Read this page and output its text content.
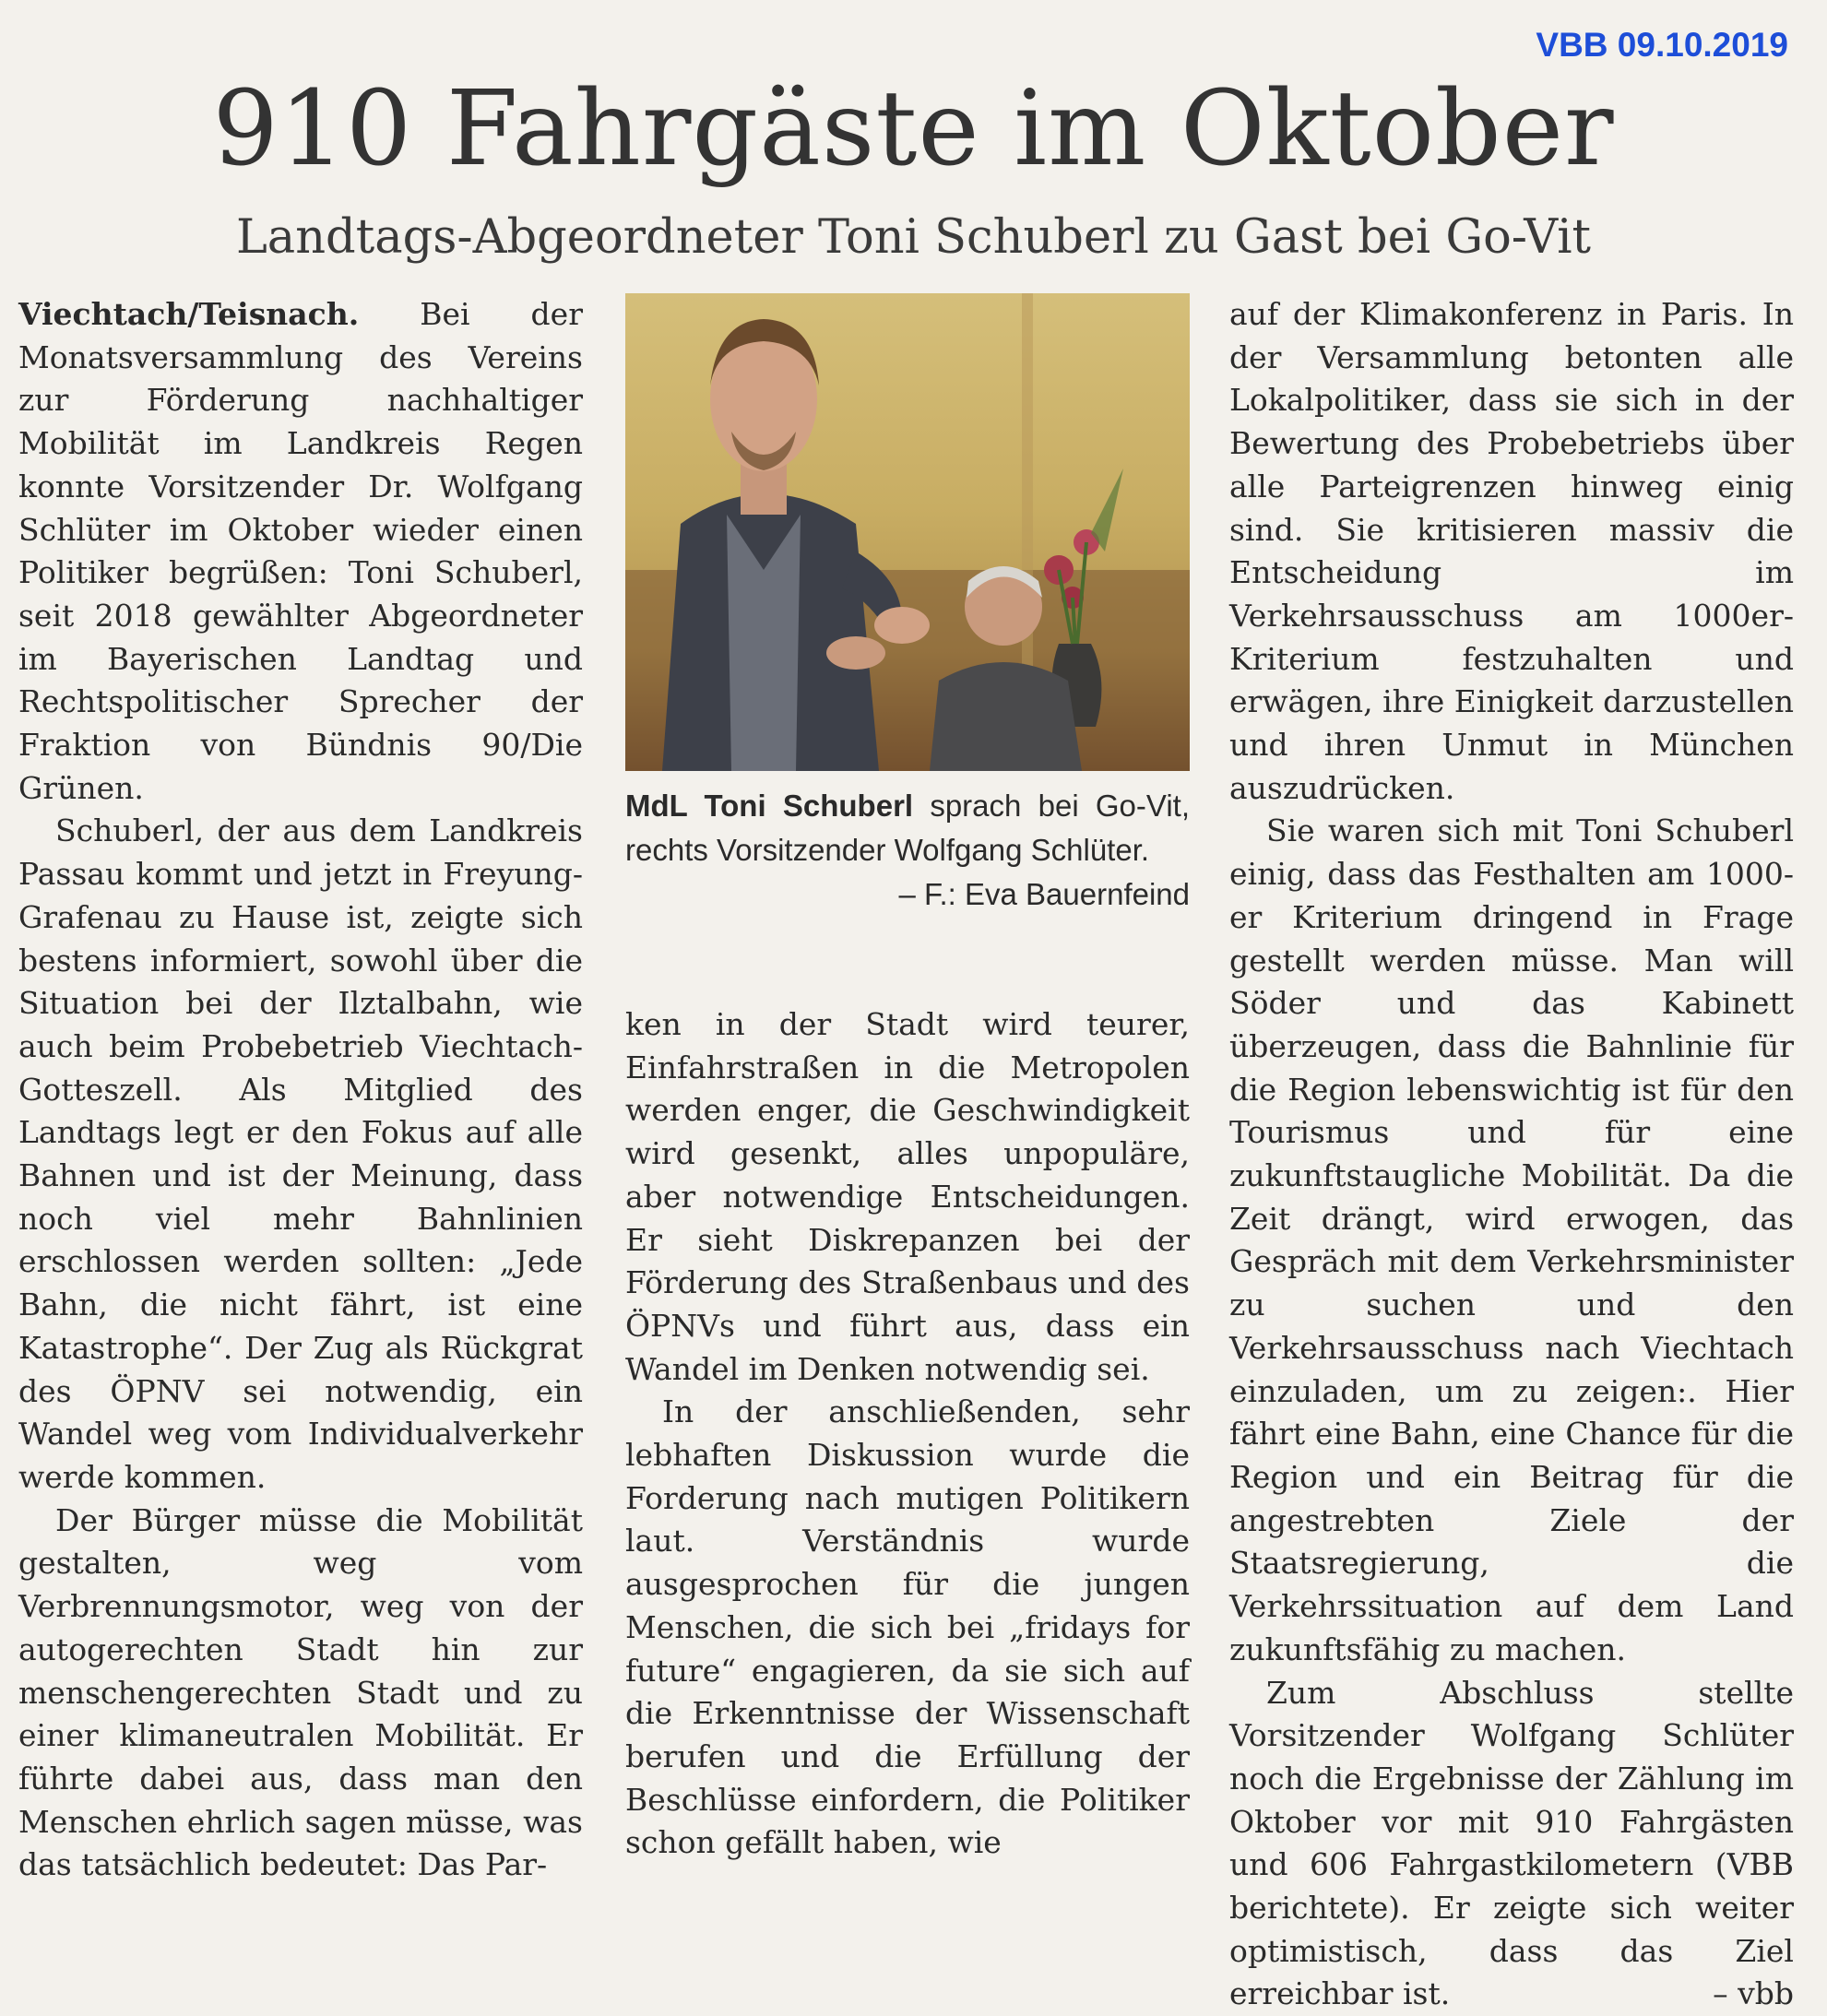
VBB 09.10.2019
910 Fahrgäste im Oktober
Landtags-Abgeordneter Toni Schuberl zu Gast bei Go-Vit

Viechtach/Teisnach. Bei der Monatsversammlung des Vereins zur Förderung nachhaltiger Mobilität im Landkreis Regen konnte Vorsitzender Dr. Wolfgang Schlüter im Oktober wieder einen Politiker begrüßen: Toni Schuberl, seit 2018 gewählter Abgeordneter im Bayerischen Landtag und Rechtspolitischer Sprecher der Fraktion von Bündnis 90/Die Grünen.

Schuberl, der aus dem Landkreis Passau kommt und jetzt in Freyung-Grafenau zu Hause ist, zeigte sich bestens informiert, sowohl über die Situation bei der Ilztalbahn, wie auch beim Probebetrieb Viechtach-Gotteszell. Als Mitglied des Landtags legt er den Fokus auf alle Bahnen und ist der Meinung, dass noch viel mehr Bahnlinien erschlossen werden sollten: „Jede Bahn, die nicht fährt, ist eine Katastrophe“. Der Zug als Rückgrat des ÖPNV sei notwendig, ein Wandel weg vom Individualverkehr werde kommen.

Der Bürger müsse die Mobilität gestalten, weg vom Verbrennungsmotor, weg von der autogerechten Stadt hin zur menschengerechten Stadt und zu einer klimaneutralen Mobilität. Er führte dabei aus, dass man den Menschen ehrlich sagen müsse, was das tatsächlich bedeutet: Das Par-

MdL Toni Schuberl sprach bei Go-Vit, rechts Vorsitzender Wolfgang Schlüter.
– F.: Eva Bauernfeind

ken in der Stadt wird teurer, Einfahrstraßen in die Metropolen werden enger, die Geschwindigkeit wird gesenkt, alles unpopuläre, aber notwendige Entscheidungen. Er sieht Diskrepanzen bei der Förderung des Straßenbaus und des ÖPNVs und führt aus, dass ein Wandel im Denken notwendig sei.

In der anschließenden, sehr lebhaften Diskussion wurde die Forderung nach mutigen Politikern laut. Verständnis wurde ausgesprochen für die jungen Menschen, die sich bei „fridays for future“ engagieren, da sie sich auf die Erkenntnisse der Wissenschaft berufen und die Erfüllung der Beschlüsse einfordern, die Politiker schon gefällt haben, wie

auf der Klimakonferenz in Paris. In der Versammlung betonten alle Lokalpolitiker, dass sie sich in der Bewertung des Probebetriebs über alle Parteigrenzen hinweg einig sind. Sie kritisieren massiv die Entscheidung im Verkehrsausschuss am 1000er-Kriterium festzuhalten und erwägen, ihre Einigkeit darzustellen und ihren Unmut in München auszudrücken.

Sie waren sich mit Toni Schuberl einig, dass das Festhalten am 1000-er Kriterium dringend in Frage gestellt werden müsse. Man will Söder und das Kabinett überzeugen, dass die Bahnlinie für die Region lebenswichtig ist für den Tourismus und für eine zukunftstaugliche Mobilität. Da die Zeit drängt, wird erwogen, das Gespräch mit dem Verkehrsminister zu suchen und den Verkehrsausschuss nach Viechtach einzuladen, um zu zeigen:. Hier fährt eine Bahn, eine Chance für die Region und ein Beitrag für die angestrebten Ziele der Staatsregierung, die Verkehrssituation auf dem Land zukunftsfähig zu machen.

Zum Abschluss stellte Vorsitzender Wolfgang Schlüter noch die Ergebnisse der Zählung im Oktober vor mit 910 Fahrgästen und 606 Fahrgastkilometern (VBB berichtete). Er zeigte sich weiter optimistisch, dass das Ziel erreichbar ist.	– vbb
